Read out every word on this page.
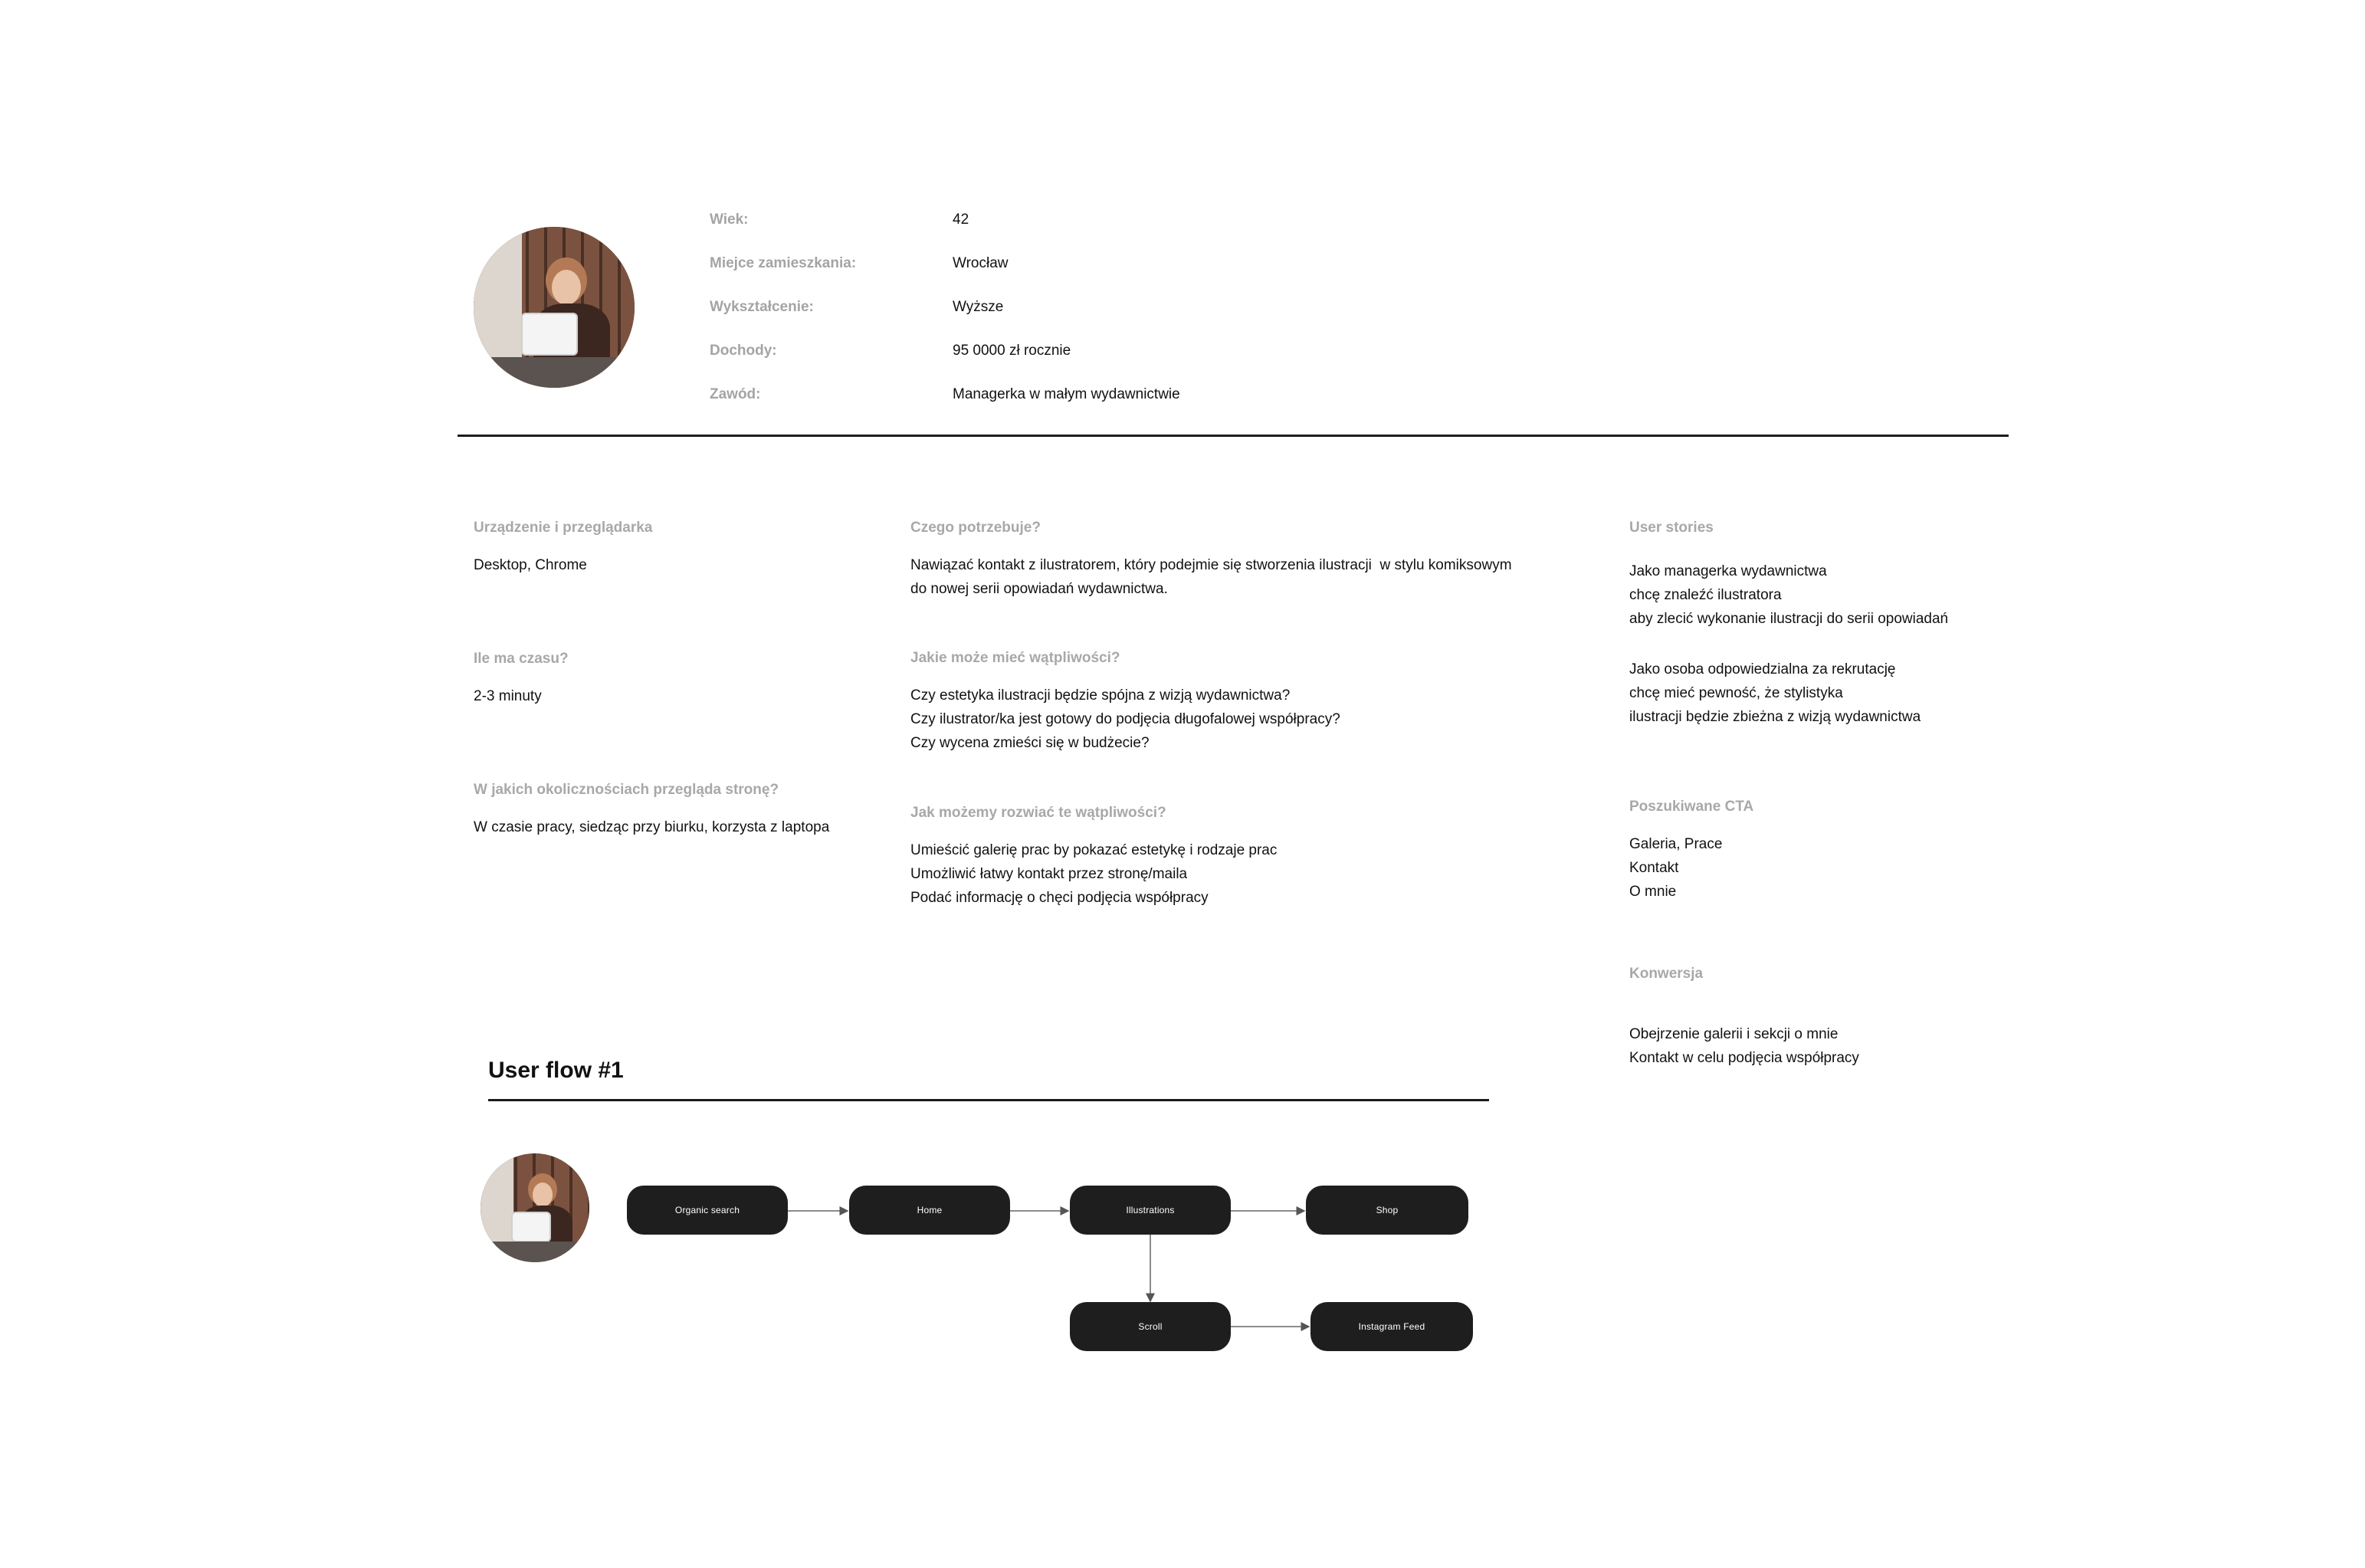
Wiek:	42
Miejce zamieszkania:	Wrocław
Wykształcenie:	Wyższe
Dochody:	95 0000 zł rocznie
Zawód:	Managerka w małym wydawnictwie
Urządzenie i przeglądarka
Desktop, Chrome
Ile ma czasu?
2-3 minuty
W jakich okolicznościach przegląda stronę?
W czasie pracy, siedząc przy biurku, korzysta z laptopa
Czego potrzebuje?
Nawiązać kontakt z ilustratorem, który podejmie się stworzenia ilustracji  w stylu komiksowym
do nowej serii opowiadań wydawnictwa.
Jakie może mieć wątpliwości?
Czy estetyka ilustracji będzie spójna z wizją wydawnictwa?
Czy ilustrator/ka jest gotowy do podjęcia długofalowej współpracy?
Czy wycena zmieści się w budżecie?
Jak możemy rozwiać te wątpliwości?
Umieścić galerię prac by pokazać estetykę i rodzaje prac
Umożliwić łatwy kontakt przez stronę/maila
Podać informację o chęci podjęcia współpracy
User stories
Jako managerka wydawnictwa
chcę znaleźć ilustratora
aby zlecić wykonanie ilustracji do serii opowiadań
Jako osoba odpowiedzialna za rekrutację
chcę mieć pewność, że stylistyka
ilustracji będzie zbieżna z wizją wydawnictwa
Poszukiwane CTA
Galeria, Prace
Kontakt
O mnie
Konwersja
Obejrzenie galerii i sekcji o mnie
Kontakt w celu podjęcia współpracy
User flow #1
Organic search	Home	Illustrations	Shop
Scroll	Instagram Feed
